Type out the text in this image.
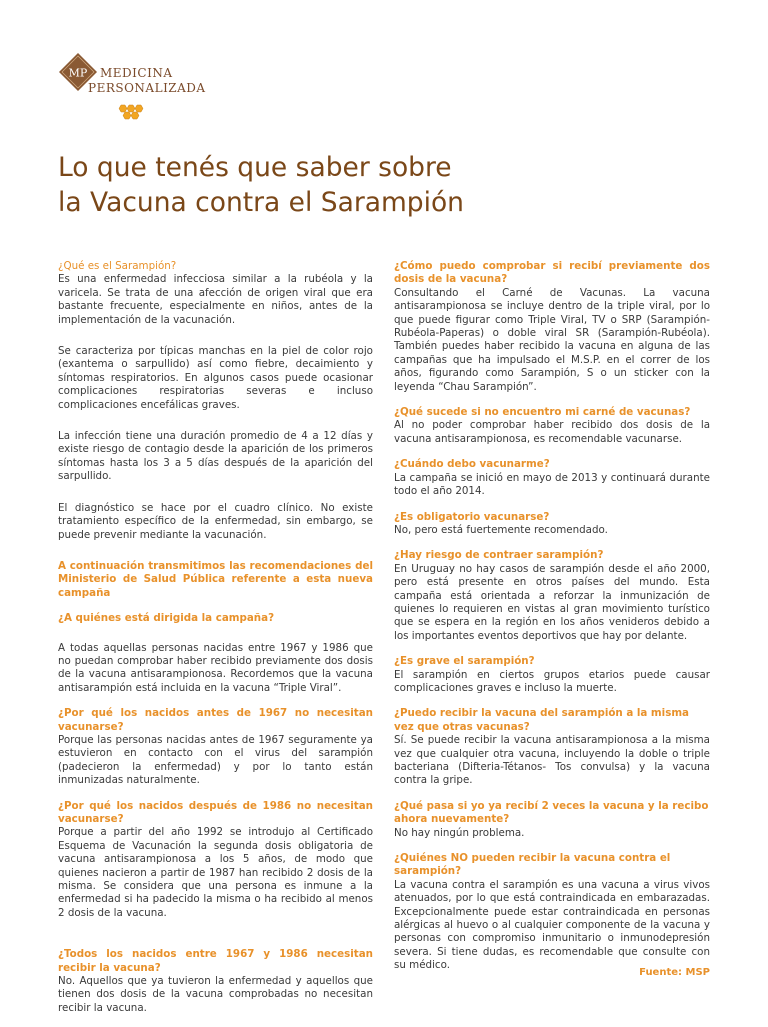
MP MEDICINA
PERSONALIZADA
Lo que tenés que saber sobre
la Vacuna contra el Sarampión

¿Qué es el Sarampión?

Es una enfermedad infecciosa similar a la rubéola y la varicela. Se trata de una afección de origen viral que era bastante frecuente, especialmente en niños, antes de la implementación de la vacunación.

Se caracteriza por típicas manchas en la piel de color rojo (exantema o sarpullido) así como fiebre, decaimiento y síntomas respiratorios. En algunos casos puede ocasionar complicaciones respiratorias severas e incluso complicaciones encefálicas graves.

La infección tiene una duración promedio de 4 a 12 días y existe riesgo de contagio desde la aparición de los primeros síntomas hasta los 3 a 5 días después de la aparición del sarpullido.

El diagnóstico se hace por el cuadro clínico. No existe tratamiento específico de la enfermedad, sin embargo, se puede prevenir mediante la vacunación.

A continuación transmitimos las recomendaciones del Ministerio de Salud Pública referente a esta nueva campaña

¿A quiénes está dirigida la campaña?

A todas aquellas personas nacidas entre 1967 y 1986 que no puedan comprobar haber recibido previamente dos dosis de la vacuna antisarampionosa. Recordemos que la vacuna antisarampión está incluida en la vacuna “Triple Viral”.

¿Por qué los nacidos antes de 1967 no necesitan vacunarse?

Porque las personas nacidas antes de 1967 seguramente ya estuvieron en contacto con el virus del sarampión (padecieron la enfermedad) y por lo tanto están inmunizadas naturalmente.

¿Por qué los nacidos después de 1986 no necesitan vacunarse?

Porque a partir del año 1992 se introdujo al Certificado Esquema de Vacunación la segunda dosis obligatoria de vacuna antisarampionosa a los 5 años, de modo que quienes nacieron a partir de 1987 han recibido 2 dosis de la misma. Se considera que una persona es inmune a la enfermedad si ha padecido la misma o ha recibido al menos 2 dosis de la vacuna.

¿Todos los nacidos entre 1967 y 1986 necesitan recibir la vacuna?

No. Aquellos que ya tuvieron la enfermedad y aquellos que tienen dos dosis de la vacuna comprobadas no necesitan recibir la vacuna.

¿Cómo puedo comprobar si recibí previamente dos dosis de la vacuna?

Consultando el Carné de Vacunas. La vacuna antisarampionosa se incluye dentro de la triple viral, por lo que puede figurar como Triple Viral, TV o SRP (Sarampión-Rubéola-Paperas) o doble viral SR (Sarampión-Rubéola). También puedes haber recibido la vacuna en alguna de las campañas que ha impulsado el M.S.P. en el correr de los años, figurando como Sarampión, S o un sticker con la leyenda “Chau Sarampión”.

¿Qué sucede si no encuentro mi carné de vacunas?

Al no poder comprobar haber recibido dos dosis de la vacuna antisarampionosa, es recomendable vacunarse.

¿Cuándo debo vacunarme?

La campaña se inició en mayo de 2013 y continuará durante todo el año 2014.

¿Es obligatorio vacunarse?

No, pero está fuertemente recomendado.

¿Hay riesgo de contraer sarampión?

En Uruguay no hay casos de sarampión desde el año 2000, pero está presente en otros países del mundo. Esta campaña está orientada a reforzar la inmunización de quienes lo requieren en vistas al gran movimiento turístico que se espera en la región en los años venideros debido a los importantes eventos deportivos que hay por delante.

¿Es grave el sarampión?

El sarampión en ciertos grupos etarios puede causar complicaciones graves e incluso la muerte.

¿Puedo recibir la vacuna del sarampión a la misma vez que otras vacunas?

Sí. Se puede recibir la vacuna antisarampionosa a la misma vez que cualquier otra vacuna, incluyendo la doble o triple bacteriana (Difteria-Tétanos- Tos convulsa) y la vacuna contra la gripe.

¿Qué pasa si yo ya recibí 2 veces la vacuna y la recibo ahora nuevamente?

No hay ningún problema.

¿Quiénes NO pueden recibir la vacuna contra el sarampión?

La vacuna contra el sarampión es una vacuna a virus vivos atenuados, por lo que está contraindicada en embarazadas. Excepcionalmente puede estar contraindicada en personas alérgicas al huevo o al cualquier componente de la vacuna y personas con compromiso inmunitario o inmunodepresión severa. Si tiene dudas, es recomendable que consulte con su médico.

Fuente: MSP
